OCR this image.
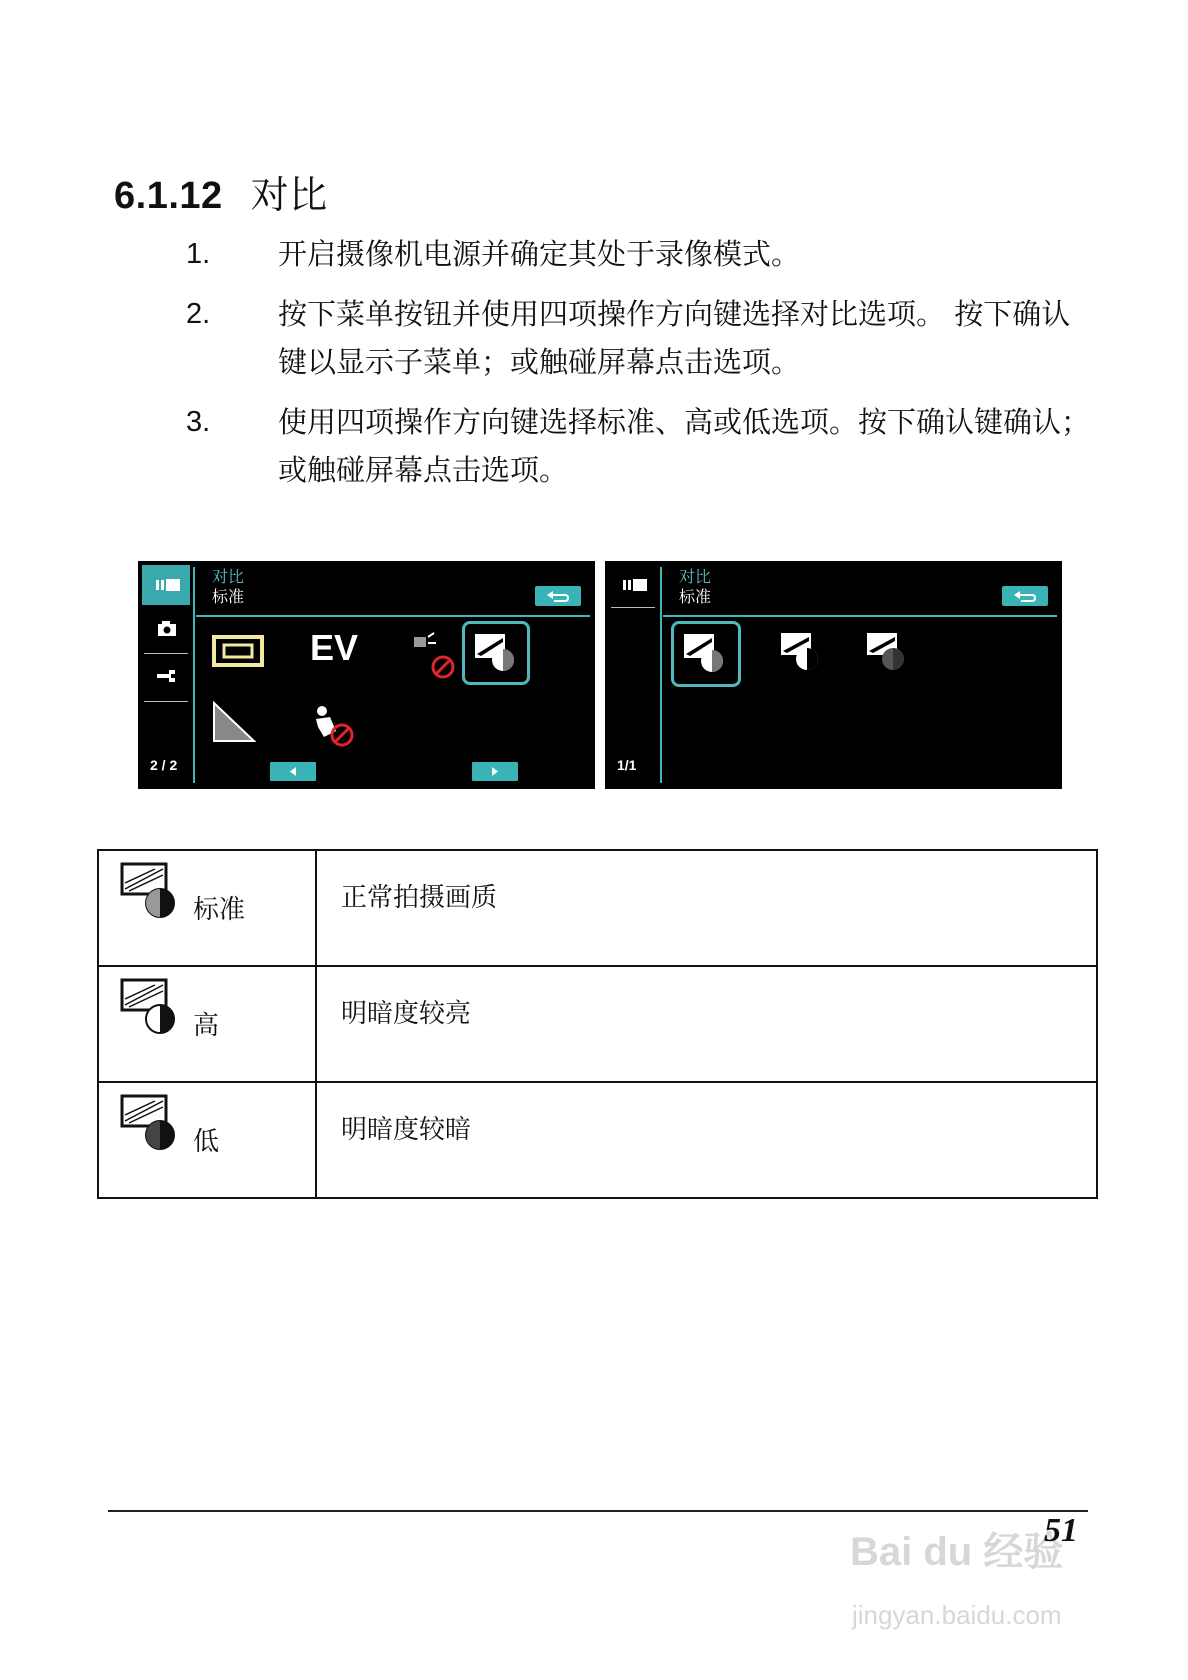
6.1.12 对比
1.	开启摄像机电源并确定其处于录像模式。
2.	按下菜单按钮并使用四项操作方向键选择对比选项。 按下确认键以显示子菜单；或触碰屏幕点击选项。
3.	使用四项操作方向键选择标准、高或低选项。按下确认键确认；或触碰屏幕点击选项。
对比
标准
EV
2 / 2
对比
标准
1/1
标准	正常拍摄画质

高	明暗度较亮

低	明暗度较暗
Bai du 经验
jingyan.baidu.com
51
